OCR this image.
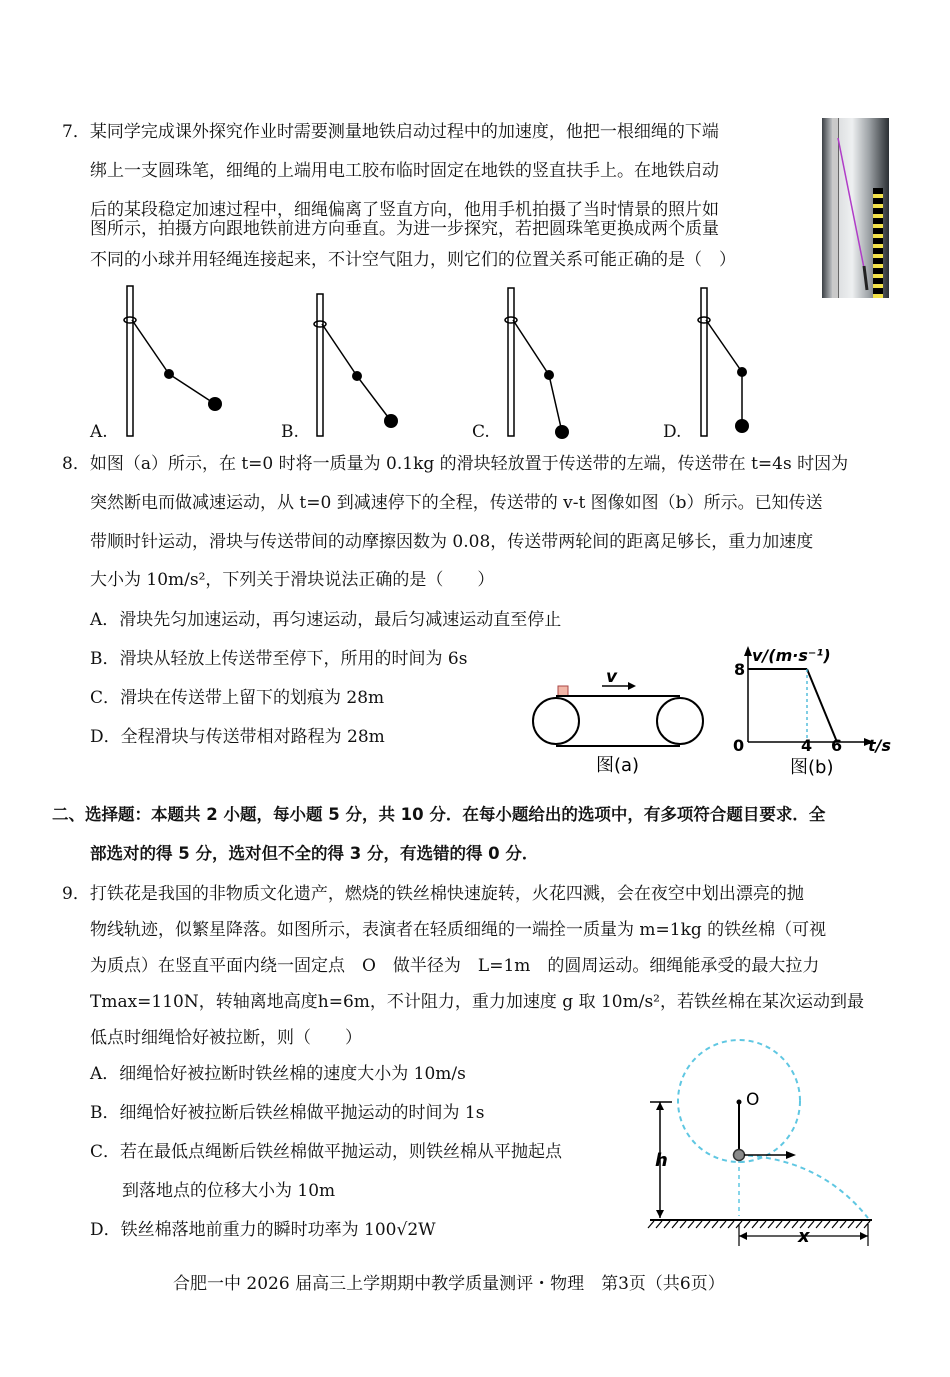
7．某同学完成课外探究作业时需要测量地铁启动过程中的加速度，他把一根细绳的下端
绑上一支圆珠笔，细绳的上端用电工胶布临时固定在地铁的竖直扶手上。在地铁启动
后的某段稳定加速过程中，细绳偏离了竖直方向，他用手机拍摄了当时情景的照片如
图所示，拍摄方向跟地铁前进方向垂直。为进一步探究，若把圆珠笔更换成两个质量
不同的小球并用轻绳连接起来，不计空气阻力，则它们的位置关系可能正确的是（　）
A.	B.	C.	D.
8．如图（a）所示，在 t=0 时将一质量为 0.1kg 的滑块轻放置于传送带的左端，传送带在 t=4s 时因为
突然断电而做减速运动，从 t=0 到减速停下的全程，传送带的 v-t 图像如图（b）所示。已知传送
带顺时针运动，滑块与传送带间的动摩擦因数为 0.08，传送带两轮间的距离足够长，重力加速度
大小为 10m/s²，下列关于滑块说法正确的是（　　）
A．滑块先匀加速运动，再匀速运动，最后匀减速运动直至停止
B．滑块从轻放上传送带至停下，所用的时间为 6s
C．滑块在传送带上留下的划痕为 28m
D．全程滑块与传送带相对路程为 28m
v
图(a)
8
v/(m·s⁻¹)
0	4 6 t/s
图(b)
二、选择题：本题共 2 小题，每小题 5 分，共 10 分．在每小题给出的选项中，有多项符合题目要求．全
部选对的得 5 分，选对但不全的得 3 分，有选错的得 0 分．
9．打铁花是我国的非物质文化遗产，燃烧的铁丝棉快速旋转，火花四溅，会在夜空中划出漂亮的抛
物线轨迹，似繁星降落。如图所示，表演者在轻质细绳的一端拴一质量为 m=1kg 的铁丝棉（可视
为质点）在竖直平面内绕一固定点　O　做半径为　L=1m　的圆周运动。细绳能承受的最大拉力
Tmax=110N，转轴离地高度h=6m，不计阻力，重力加速度 g 取 10m/s²，若铁丝棉在某次运动到最
低点时细绳恰好被拉断，则（　　）
A．细绳恰好被拉断时铁丝棉的速度大小为 10m/s
B．细绳恰好被拉断后铁丝棉做平抛运动的时间为 1s
C．若在最低点绳断后铁丝棉做平抛运动，则铁丝棉从平抛起点
到落地点的位移大小为 10m
D．铁丝棉落地前重力的瞬时功率为 100√2W
O
h
x
合肥一中 2026 届高三上学期期中教学质量测评・物理　第3页（共6页）
